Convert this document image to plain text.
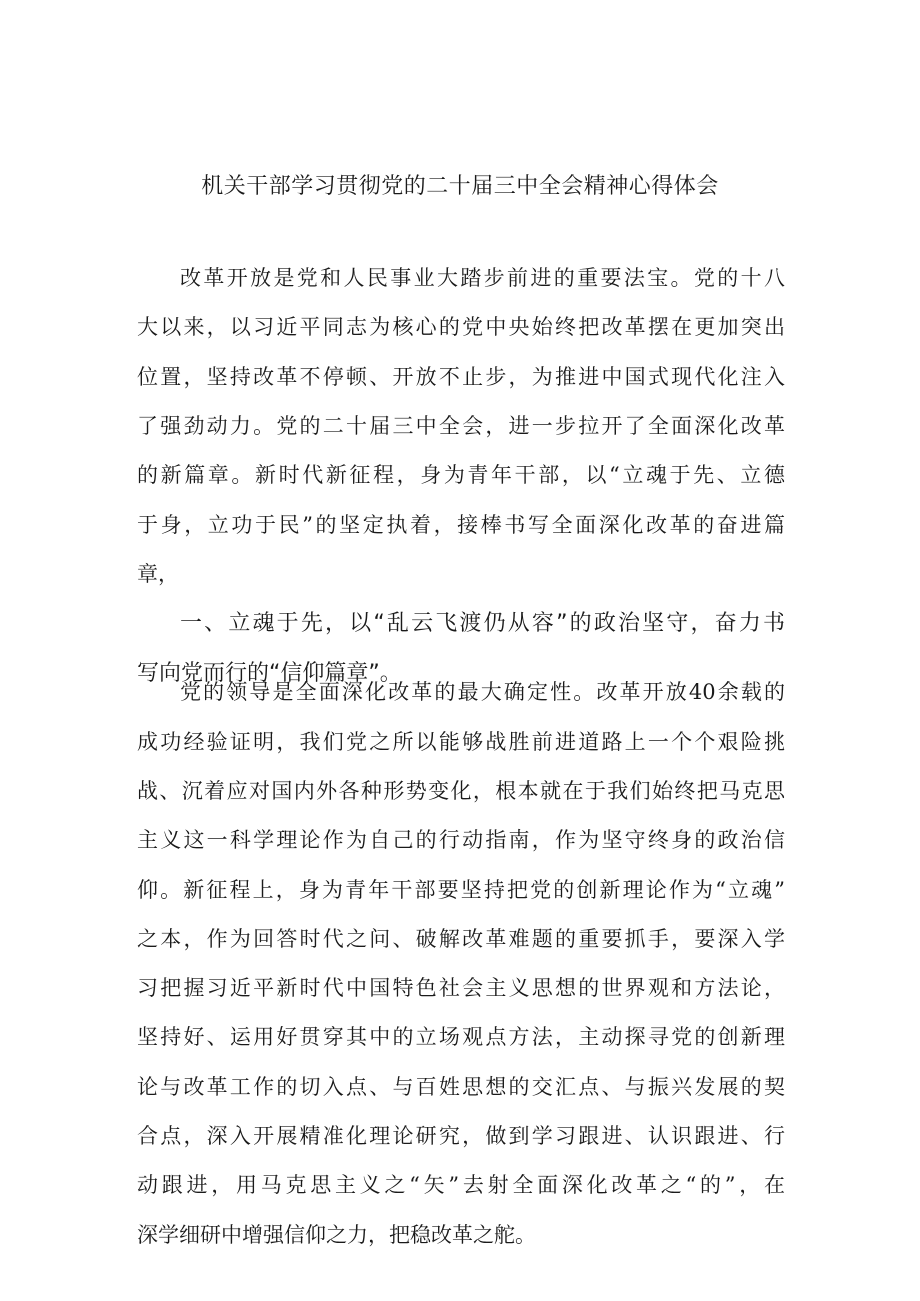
机关干部学习贯彻党的二十届三中全会精神心得体会

改革开放是党和人民事业大踏步前进的重要法宝。党的十八

大以来，以习近平同志为核心的党中央始终把改革摆在更加突出

位置，坚持改革不停顿、开放不止步，为推进中国式现代化注入

了强劲动力。党的二十届三中全会，进一步拉开了全面深化改革

的新篇章。新时代新征程，身为青年干部，以“立魂于先、立德

于身，立功于民”的坚定执着，接棒书写全面深化改革的奋进篇

章，

一、立魂于先，以“乱云飞渡仍从容”的政治坚守，奋力书

写向党而行的“信仰篇章”。

党的领导是全面深化改革的最大确定性。改革开放40余载的

成功经验证明，我们党之所以能够战胜前进道路上一个个艰险挑

战、沉着应对国内外各种形势变化，根本就在于我们始终把马克思

主义这一科学理论作为自己的行动指南，作为坚守终身的政治信

仰。新征程上，身为青年干部要坚持把党的创新理论作为“立魂”

之本，作为回答时代之问、破解改革难题的重要抓手，要深入学

习把握习近平新时代中国特色社会主义思想的世界观和方法论，

坚持好、运用好贯穿其中的立场观点方法，主动探寻党的创新理

论与改革工作的切入点、与百姓思想的交汇点、与振兴发展的契

合点，深入开展精准化理论研究，做到学习跟进、认识跟进、行

动跟进，用马克思主义之“矢”去射全面深化改革之“的”，在

深学细研中增强信仰之力，把稳改革之舵。
